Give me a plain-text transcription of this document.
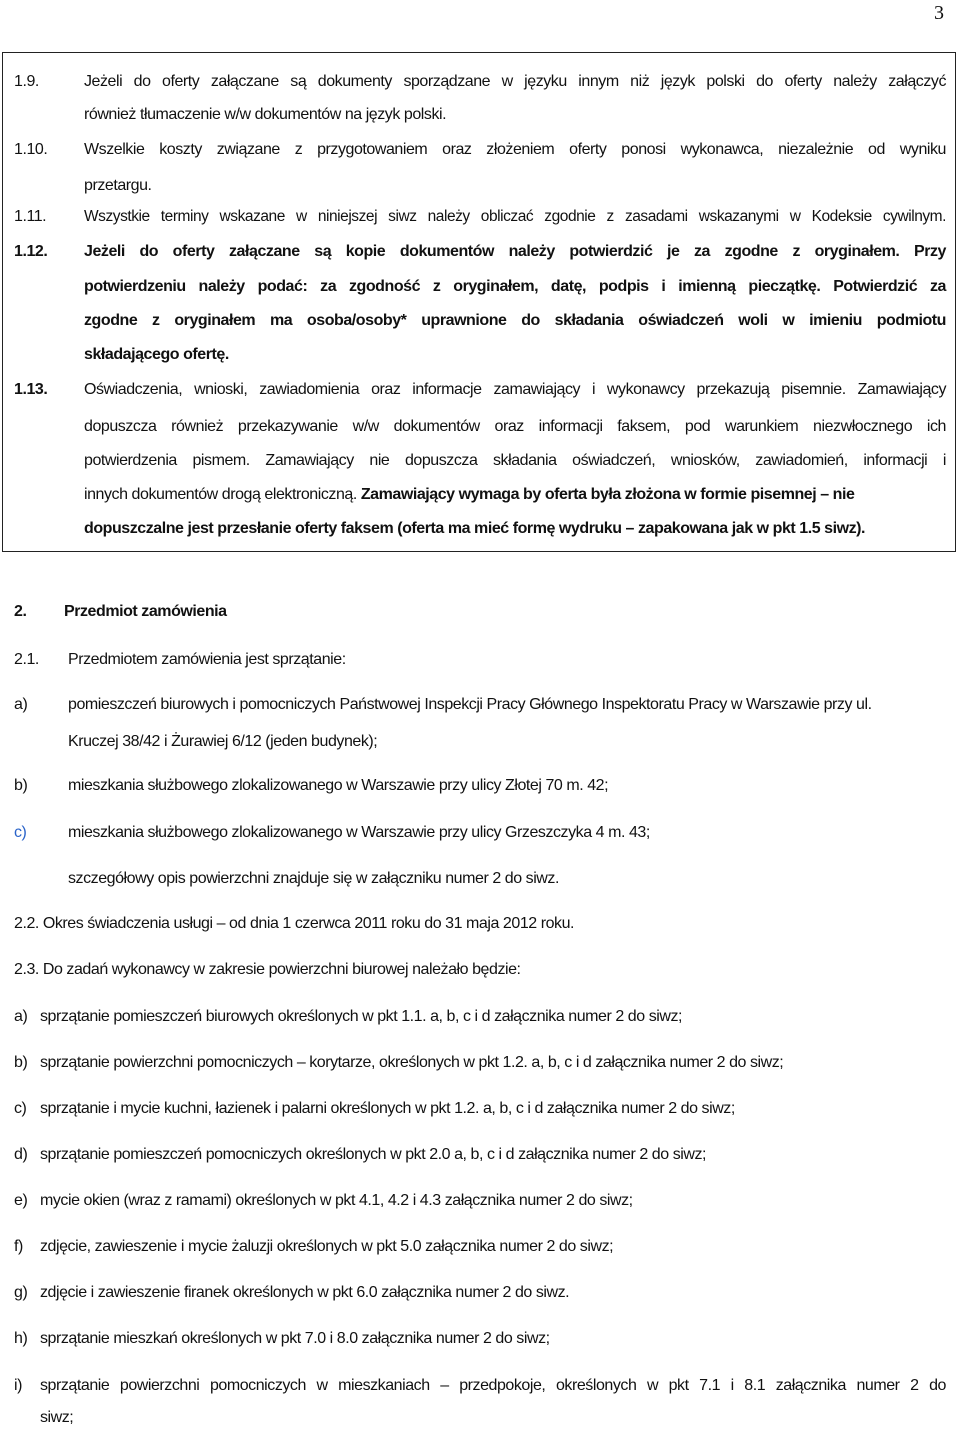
3
1.9.	Jeżeli do oferty załączane są dokumenty sporządzane w języku innym niż język polski do oferty należy załączyć
również tłumaczenie w/w dokumentów na język polski.
1.10. Wszelkie koszty związane z przygotowaniem oraz złożeniem oferty ponosi wykonawca, niezależnie od wyniku
przetargu.
1.11. Wszystkie terminy wskazane w niniejszej siwz należy obliczać zgodnie z zasadami wskazanymi w Kodeksie cywilnym.
1.12. Jeżeli do oferty załączane są kopie dokumentów należy potwierdzić je za zgodne z oryginałem. Przy
potwierdzeniu należy podać: za zgodność z oryginałem, datę, podpis i imienną pieczątkę. Potwierdzić za
zgodne z oryginałem ma osoba/osoby* uprawnione do składania oświadczeń woli w imieniu podmiotu
składającego ofertę.
1.13. Oświadczenia, wnioski, zawiadomienia oraz informacje zamawiający i wykonawcy przekazują pisemnie. Zamawiający
dopuszcza również przekazywanie w/w dokumentów oraz informacji faksem, pod warunkiem niezwłocznego ich
potwierdzenia pismem. Zamawiający nie dopuszcza składania oświadczeń, wniosków, zawiadomień, informacji i
innych dokumentów drogą elektroniczną. Zamawiający wymaga by oferta była złożona w formie pisemnej – nie
dopuszczalne jest przesłanie oferty faksem (oferta ma mieć formę wydruku – zapakowana jak w pkt 1.5 siwz).
2. Przedmiot zamówienia
2.1. Przedmiotem zamówienia jest sprzątanie:
a)	pomieszczeń biurowych i pomocniczych Państwowej Inspekcji Pracy Głównego Inspektoratu Pracy w Warszawie przy ul.
Kruczej 38/42 i Żurawiej 6/12 (jeden budynek);
b)	mieszkania służbowego zlokalizowanego w Warszawie przy ulicy Złotej 70 m. 42;
c)	mieszkania służbowego zlokalizowanego w Warszawie przy ulicy Grzeszczyka 4 m. 43;
szczegółowy opis powierzchni znajduje się w załączniku numer 2 do siwz.
2.2. Okres świadczenia usługi – od dnia 1 czerwca 2011 roku do 31 maja 2012 roku.
2.3. Do zadań wykonawcy w zakresie powierzchni biurowej należało będzie:
a) sprzątanie pomieszczeń biurowych określonych w pkt 1.1. a, b, c i d załącznika numer 2 do siwz;
b) sprzątanie powierzchni pomocniczych – korytarze, określonych w pkt 1.2. a, b, c i d załącznika numer 2 do siwz;
c) sprzątanie i mycie kuchni, łazienek i palarni określonych w pkt 1.2. a, b, c i d załącznika numer 2 do siwz;
d) sprzątanie pomieszczeń pomocniczych określonych w pkt 2.0 a, b, c i d załącznika numer 2 do siwz;
e) mycie okien (wraz z ramami) określonych w pkt 4.1, 4.2 i 4.3 załącznika numer 2 do siwz;
f) zdjęcie, zawieszenie i mycie żaluzji określonych w pkt 5.0 załącznika numer 2 do siwz;
g) zdjęcie i zawieszenie firanek określonych w pkt 6.0 załącznika numer 2 do siwz.
h) sprzątanie mieszkań określonych w pkt 7.0 i 8.0 załącznika numer 2 do siwz;
i) sprzątanie powierzchni pomocniczych w mieszkaniach – przedpokoje, określonych w pkt 7.1 i 8.1 załącznika numer 2 do
siwz;
